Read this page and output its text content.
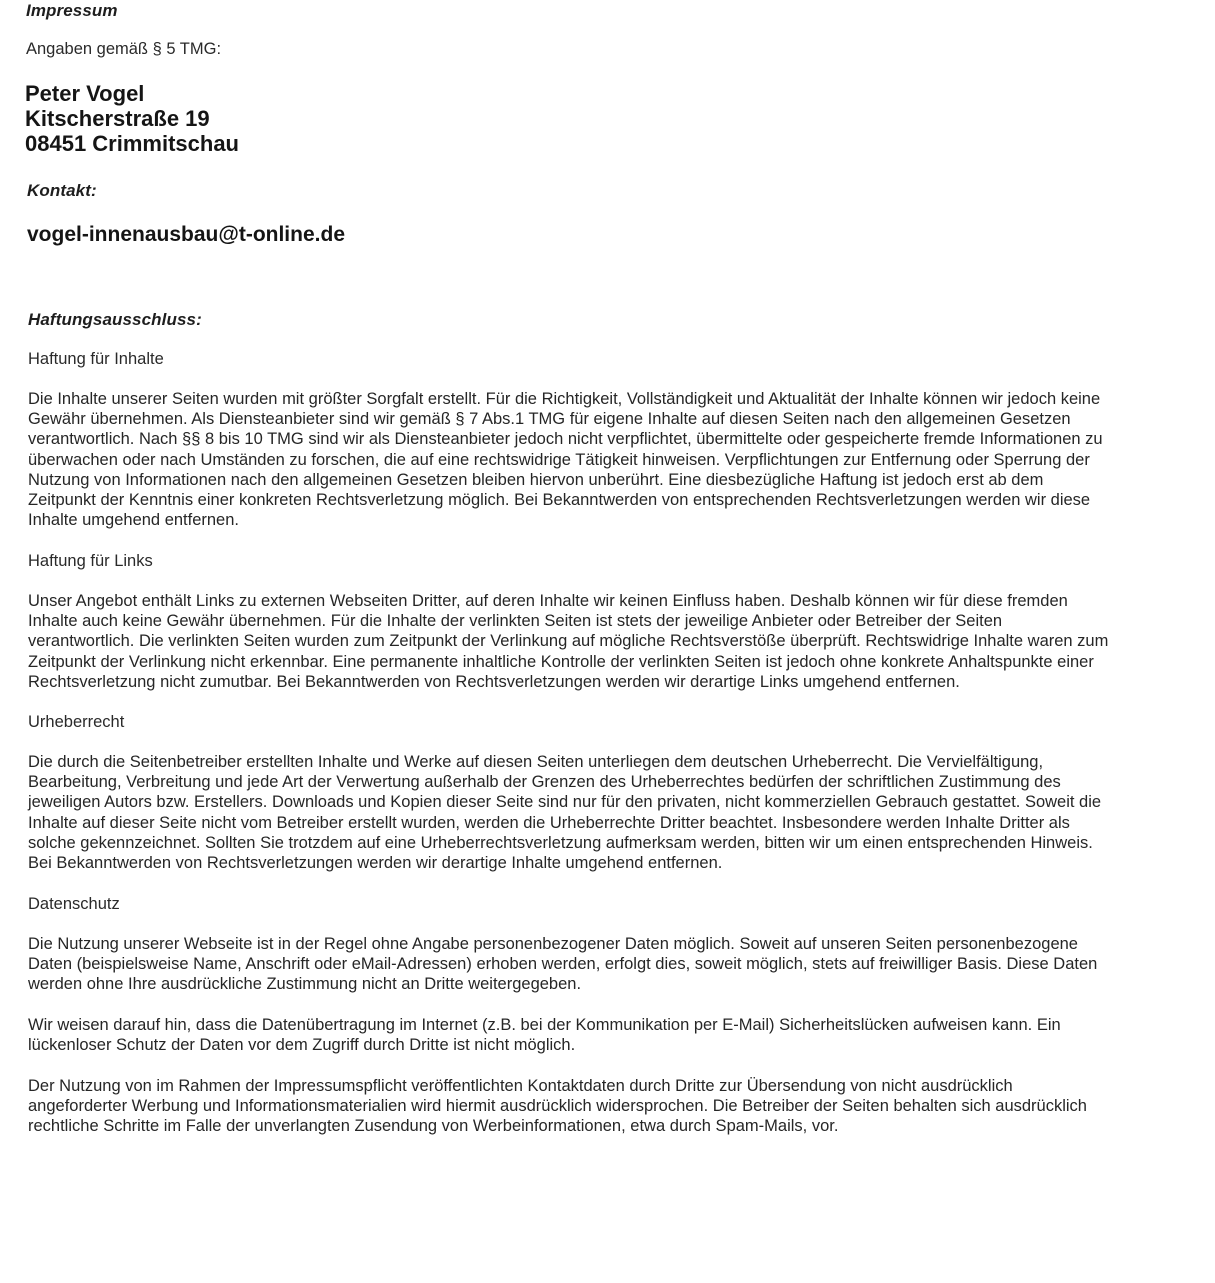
Impressum
Angaben gemäß § 5 TMG:
Peter Vogel
Kitscherstraße 19
08451 Crimmitschau
Kontakt:
vogel-innenausbau@t-online.de
Haftungsausschluss:
Haftung für Inhalte
Die Inhalte unserer Seiten wurden mit größter Sorgfalt erstellt. Für die Richtigkeit, Vollständigkeit und Aktualität der Inhalte können wir jedoch keine
Gewähr übernehmen. Als Diensteanbieter sind wir gemäß § 7 Abs.1 TMG für eigene Inhalte auf diesen Seiten nach den allgemeinen Gesetzen
verantwortlich. Nach §§ 8 bis 10 TMG sind wir als Diensteanbieter jedoch nicht verpflichtet, übermittelte oder gespeicherte fremde Informationen zu
überwachen oder nach Umständen zu forschen, die auf eine rechtswidrige Tätigkeit hinweisen. Verpflichtungen zur Entfernung oder Sperrung der
Nutzung von Informationen nach den allgemeinen Gesetzen bleiben hiervon unberührt. Eine diesbezügliche Haftung ist jedoch erst ab dem
Zeitpunkt der Kenntnis einer konkreten Rechtsverletzung möglich. Bei Bekanntwerden von entsprechenden Rechtsverletzungen werden wir diese
Inhalte umgehend entfernen.
Haftung für Links
Unser Angebot enthält Links zu externen Webseiten Dritter, auf deren Inhalte wir keinen Einfluss haben. Deshalb können wir für diese fremden
Inhalte auch keine Gewähr übernehmen. Für die Inhalte der verlinkten Seiten ist stets der jeweilige Anbieter oder Betreiber der Seiten
verantwortlich. Die verlinkten Seiten wurden zum Zeitpunkt der Verlinkung auf mögliche Rechtsverstöße überprüft. Rechtswidrige Inhalte waren zum
Zeitpunkt der Verlinkung nicht erkennbar. Eine permanente inhaltliche Kontrolle der verlinkten Seiten ist jedoch ohne konkrete Anhaltspunkte einer
Rechtsverletzung nicht zumutbar. Bei Bekanntwerden von Rechtsverletzungen werden wir derartige Links umgehend entfernen.
Urheberrecht
Die durch die Seitenbetreiber erstellten Inhalte und Werke auf diesen Seiten unterliegen dem deutschen Urheberrecht. Die Vervielfältigung,
Bearbeitung, Verbreitung und jede Art der Verwertung außerhalb der Grenzen des Urheberrechtes bedürfen der schriftlichen Zustimmung des
jeweiligen Autors bzw. Erstellers. Downloads und Kopien dieser Seite sind nur für den privaten, nicht kommerziellen Gebrauch gestattet. Soweit die
Inhalte auf dieser Seite nicht vom Betreiber erstellt wurden, werden die Urheberrechte Dritter beachtet. Insbesondere werden Inhalte Dritter als
solche gekennzeichnet. Sollten Sie trotzdem auf eine Urheberrechtsverletzung aufmerksam werden, bitten wir um einen entsprechenden Hinweis.
Bei Bekanntwerden von Rechtsverletzungen werden wir derartige Inhalte umgehend entfernen.
Datenschutz
Die Nutzung unserer Webseite ist in der Regel ohne Angabe personenbezogener Daten möglich. Soweit auf unseren Seiten personenbezogene
Daten (beispielsweise Name, Anschrift oder eMail-Adressen) erhoben werden, erfolgt dies, soweit möglich, stets auf freiwilliger Basis. Diese Daten
werden ohne Ihre ausdrückliche Zustimmung nicht an Dritte weitergegeben.
Wir weisen darauf hin, dass die Datenübertragung im Internet (z.B. bei der Kommunikation per E-Mail) Sicherheitslücken aufweisen kann. Ein
lückenloser Schutz der Daten vor dem Zugriff durch Dritte ist nicht möglich.
Der Nutzung von im Rahmen der Impressumspflicht veröffentlichten Kontaktdaten durch Dritte zur Übersendung von nicht ausdrücklich
angeforderter Werbung und Informationsmaterialien wird hiermit ausdrücklich widersprochen. Die Betreiber der Seiten behalten sich ausdrücklich
rechtliche Schritte im Falle der unverlangten Zusendung von Werbeinformationen, etwa durch Spam-Mails, vor.
